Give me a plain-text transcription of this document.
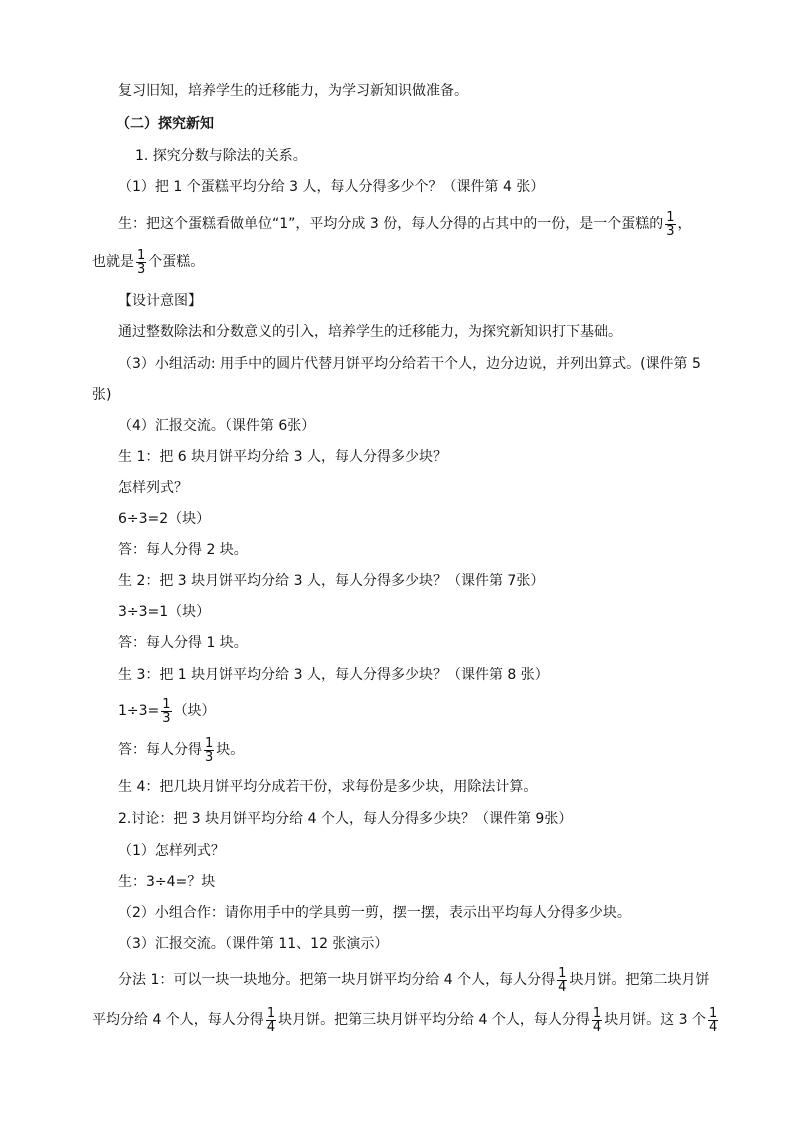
复习旧知，培养学生的迁移能力，为学习新知识做准备。
（二）探究新知
1. 探究分数与除法的关系。
（1）把 1 个蛋糕平均分给 3 人，每人分得多少个？（课件第 4 张）
生：把这个蛋糕看做单位“1”，平均分成 3 份，每人分得的占其中的一份，是一个蛋糕的 $\frac{1}{3}$ ，
也就是 $\frac{1}{3}$ 个蛋糕。
【设计意图】
通过整数除法和分数意义的引入，培养学生的迁移能力，为探究新知识打下基础。
（3）小组活动: 用手中的圆片代替月饼平均分给若干个人，边分边说，并列出算式。(课件第 5
张)
（4）汇报交流。（课件第 6张）
生 1：把 6 块月饼平均分给 3 人，每人分得多少块？
怎样列式？
6÷3=2（块）
答：每人分得 2 块。
生 2：把 3 块月饼平均分给 3 人，每人分得多少块？（课件第 7张）
3÷3=1（块）
答：每人分得 1 块。
生 3：把 1 块月饼平均分给 3 人，每人分得多少块？（课件第 8 张）
$1\div 3= \frac{1}{3}$ （块）
答：每人分得 $\frac{1}{3}$ 块。
生 4：把几块月饼平均分成若干份，求每份是多少块，用除法计算。
2.讨论：把 3 块月饼平均分给 4 个人，每人分得多少块？（课件第 9张）
（1）怎样列式？
生：3÷4=？块
（2）小组合作：请你用手中的学具剪一剪，摆一摆，表示出平均每人分得多少块。
（3）汇报交流。（课件第 11、12 张演示）
分法 1：可以一块一块地分。把第一块月饼平均分给 4 个人，每人分得 $\frac{1}{4}$ 块月饼。把第二块月饼
平均分给 4 个人，每人分得 $\frac{1}{4}$ 块月饼。把第三块月饼平均分给 4 个人，每人分得 $\frac{1}{4}$ 块月饼。这 3 个 $\frac{1}{4}$
